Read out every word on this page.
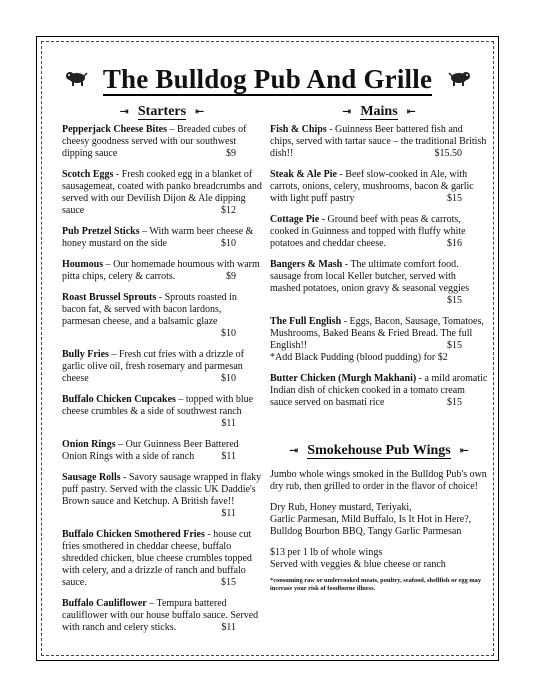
The Bulldog Pub And Grille
⇥ Starters ⇤
Pepperjack Cheese Bites – Breaded cubes of cheesy goodness served with our southwest dipping sauce	$9
Scotch Eggs - Fresh cooked egg in a blanket of sausagemeat, coated with panko breadcrumbs and served with our Devilish Dijon & Ale dipping sauce	$12
Pub Pretzel Sticks – With warm beer cheese & honey mustard on the side	$10
Houmous – Our homemade houmous with warm pitta chips, celery & carrots.	$9
Roast Brussel Sprouts - Sprouts roasted in bacon fat, & served with bacon lardons, parmesan cheese, and a balsamic glaze
$10
Bully Fries – Fresh cut fries with a drizzle of garlic olive oil, fresh rosemary and parmesan cheese	$10
Buffalo Chicken Cupcakes – topped with blue cheese crumbles & a side of southwest ranch
$11
Onion Rings – Our Guinness Beer Battered Onion Rings with a side of ranch	$11
Sausage Rolls - Savory sausage wrapped in flaky puff pastry. Served with the classic UK Daddie's Brown sauce and Ketchup. A British fave!!
$11
Buffalo Chicken Smothered Fries - house cut fries smothered in cheddar cheese, buffalo shredded chicken, blue cheese crumbles topped with celery, and a drizzle of ranch and buffalo sauce.	$15
Buffalo Cauliflower – Tempura battered cauliflower with our house buffalo sauce. Served with ranch and celery sticks.	$11
⇥ Mains ⇤
Fish & Chips - Guinness Beer battered fish and chips, served with tartar sauce – the traditional British dish!!	$15.50
Steak & Ale Pie - Beef slow-cooked in Ale, with carrots, onions, celery, mushrooms, bacon & garlic with light puff pastry	$15
Cottage Pie - Ground beef with peas & carrots, cooked in Guinness and topped with fluffy white potatoes and cheddar cheese.	$16
Bangers & Mash - The ultimate comfort food. sausage from local Keller butcher, served with mashed potatoes, onion gravy & seasonal veggies
$15
The Full English - Eggs, Bacon, Sausage, Tomatoes, Mushrooms, Baked Beans & Fried Bread. The full English!!	$15
*Add Black Pudding (blood pudding) for $2
Butter Chicken (Murgh Makhani) - a mild aromatic Indian dish of chicken cooked in a tomato cream sauce served on basmati rice	$15
⇥ Smokehouse Pub Wings ⇤

Jumbo whole wings smoked in the Bulldog Pub's own dry rub, then grilled to order in the flavor of choice!

Dry Rub, Honey mustard, Teriyaki,
Garlic Parmesan, Mild Buffalo, Is It Hot in Here?,
Bulldog Bourbon BBQ, Tangy Garlic Parmesan

$13 per 1 lb of whole wings
Served with veggies & blue cheese or ranch

*consuming raw or undercooked meats, poultry, seafood, shellfish or egg may increase your risk of foodborne illness.
